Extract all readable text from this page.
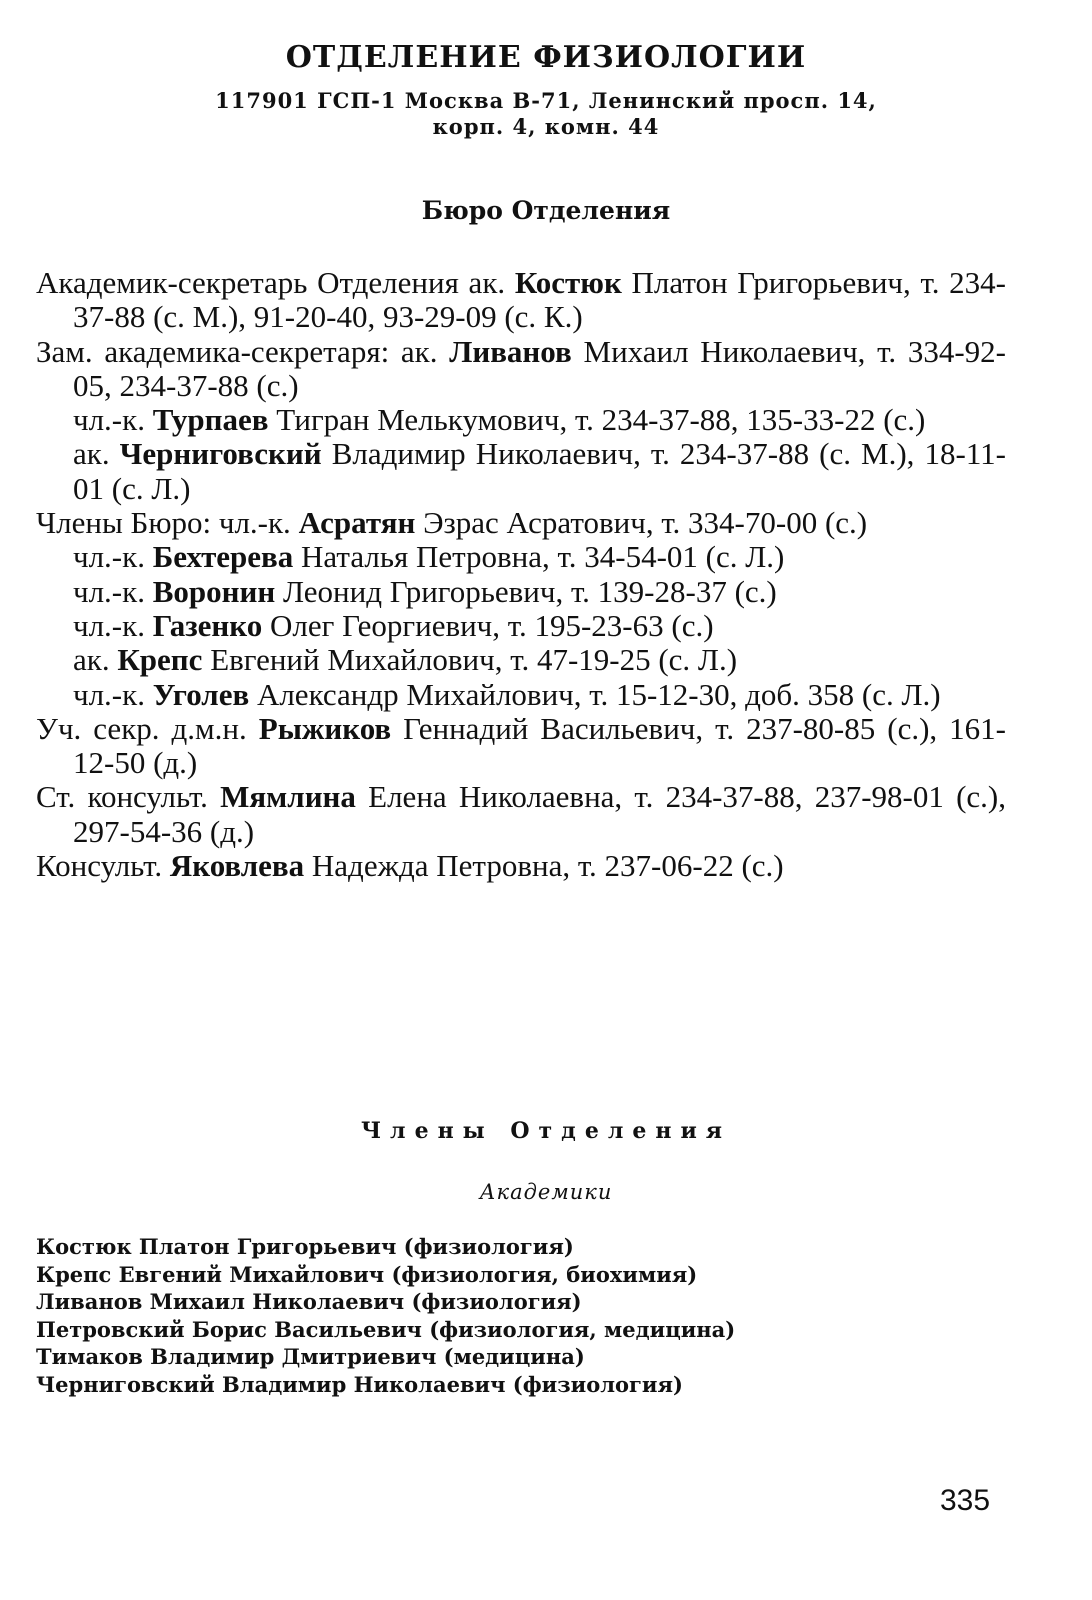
ОТДЕЛЕНИЕ ФИЗИОЛОГИИ
117901 ГСП-1 Москва В-71, Ленинский просп. 14,
корп. 4, комн. 44
Бюро Отделения
Академик-секретарь Отделения ак. Костюк Платон Григорьевич, т. 234-37-88 (с. М.), 91-20-40, 93-29-09 (с. К.)
Зам. академика-секретаря: ак. Ливанов Михаил Николаевич, т. 334-92-05, 234-37-88 (с.)
чл.-к. Турпаев Тигран Мелькумович, т. 234-37-88, 135-33-22 (с.)
ак. Черниговский Владимир Николаевич, т. 234-37-88 (с. М.), 18-11-01 (с. Л.)
Члены Бюро: чл.-к. Асратян Эзрас Асратович, т. 334-70-00 (с.)
чл.-к. Бехтерева Наталья Петровна, т. 34-54-01 (с. Л.)
чл.-к. Воронин Леонид Григорьевич, т. 139-28-37 (с.)
чл.-к. Газенко Олег Георгиевич, т. 195-23-63 (с.)
ак. Крепс Евгений Михайлович, т. 47-19-25 (с. Л.)
чл.-к. Уголев Александр Михайлович, т. 15-12-30, доб. 358 (с. Л.)
Уч. секр. д.м.н. Рыжиков Геннадий Васильевич, т. 237-80-85 (с.), 161-12-50 (д.)
Ст. консульт. Мямлина Елена Николаевна, т. 234-37-88, 237-98-01 (с.), 297-54-36 (д.)
Консульт. Яковлева Надежда Петровна, т. 237-06-22 (с.)
Члены Отделения
Академики
Костюк Платон Григорьевич (физиология)
Крепс Евгений Михайлович (физиология, биохимия)
Ливанов Михаил Николаевич (физиология)
Петровский Борис Васильевич (физиология, медицина)
Тимаков Владимир Дмитриевич (медицина)
Черниговский Владимир Николаевич (физиология)
335
